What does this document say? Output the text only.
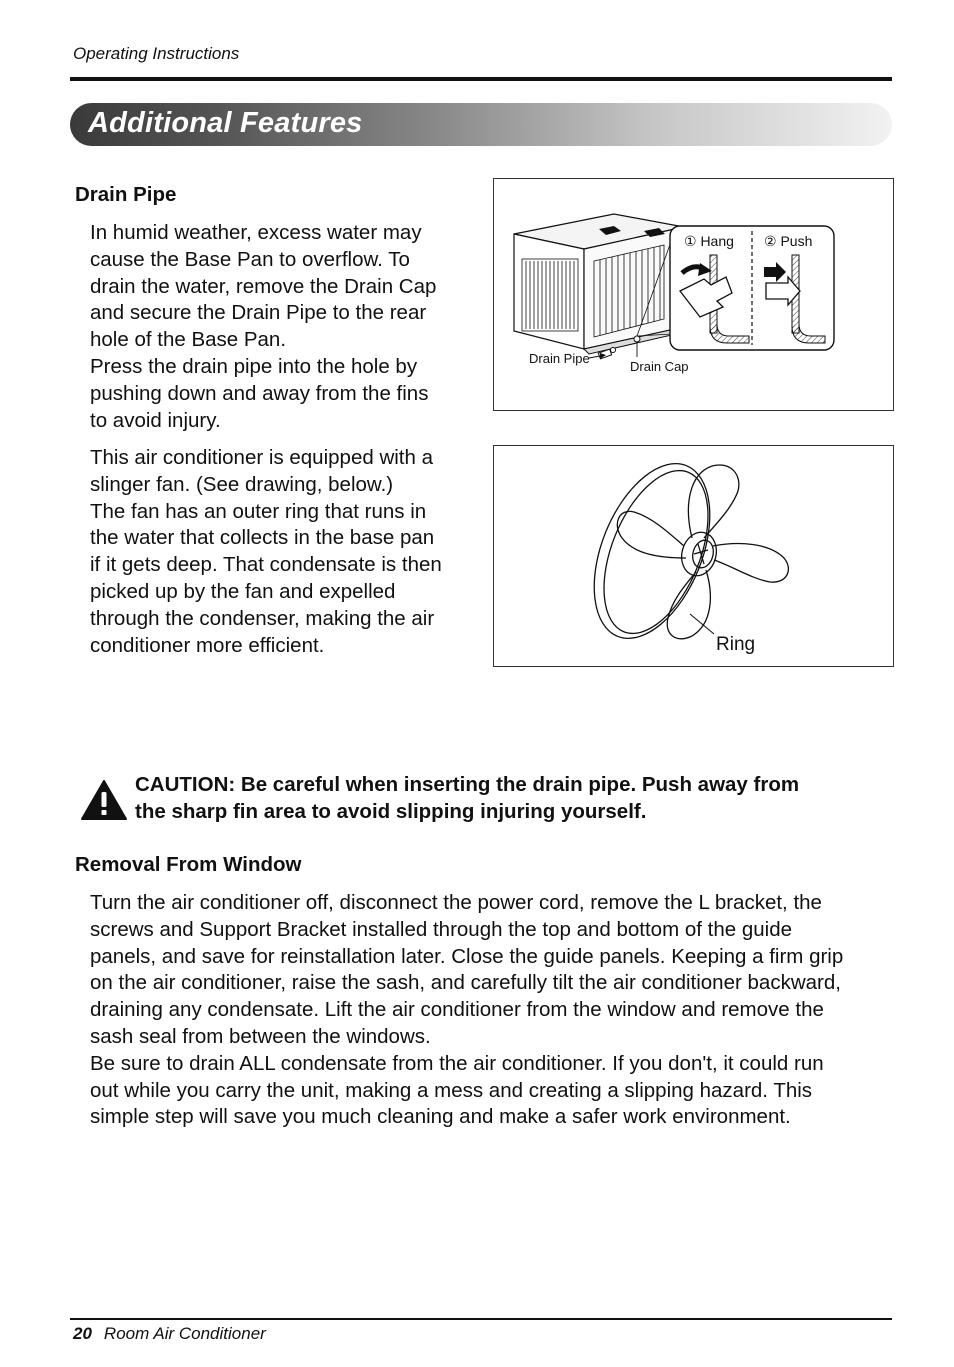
Operating Instructions
Additional Features
Drain Pipe

In humid weather, excess water may

cause the Base Pan to overflow. To

drain the water, remove the Drain Cap

and secure the Drain Pipe to the rear

hole of the Base Pan.

Press the drain pipe into the hole by

pushing down and away from the fins

to avoid injury.

This air conditioner is equipped with a

slinger fan. (See drawing, below.)

The fan has an outer ring that runs in

the water that collects in the base pan

if it gets deep. That condensate is then

picked up by the fan and expelled

through the condenser, making the air

conditioner more efficient.

① Hang ② Push
Drain Pipe
Drain Cap
Ring
CAUTION: Be careful when inserting the drain pipe. Push away from
the sharp fin area to avoid slipping injuring yourself.
Removal From Window

Turn the air conditioner off, disconnect the power cord, remove the L bracket, the

screws and Support Bracket installed through the top and bottom of the guide

panels, and save for reinstallation later. Close the guide panels. Keeping a firm grip

on the air conditioner, raise the sash, and carefully tilt the air conditioner backward,

draining any condensate. Lift the air conditioner from the window and remove the

sash seal from between the windows.

Be sure to drain ALL condensate from the air conditioner. If you don't, it could run

out while you carry the unit, making a mess and creating a slipping hazard. This

simple step will save you much cleaning and make a safer work environment.

20 Room Air Conditioner
